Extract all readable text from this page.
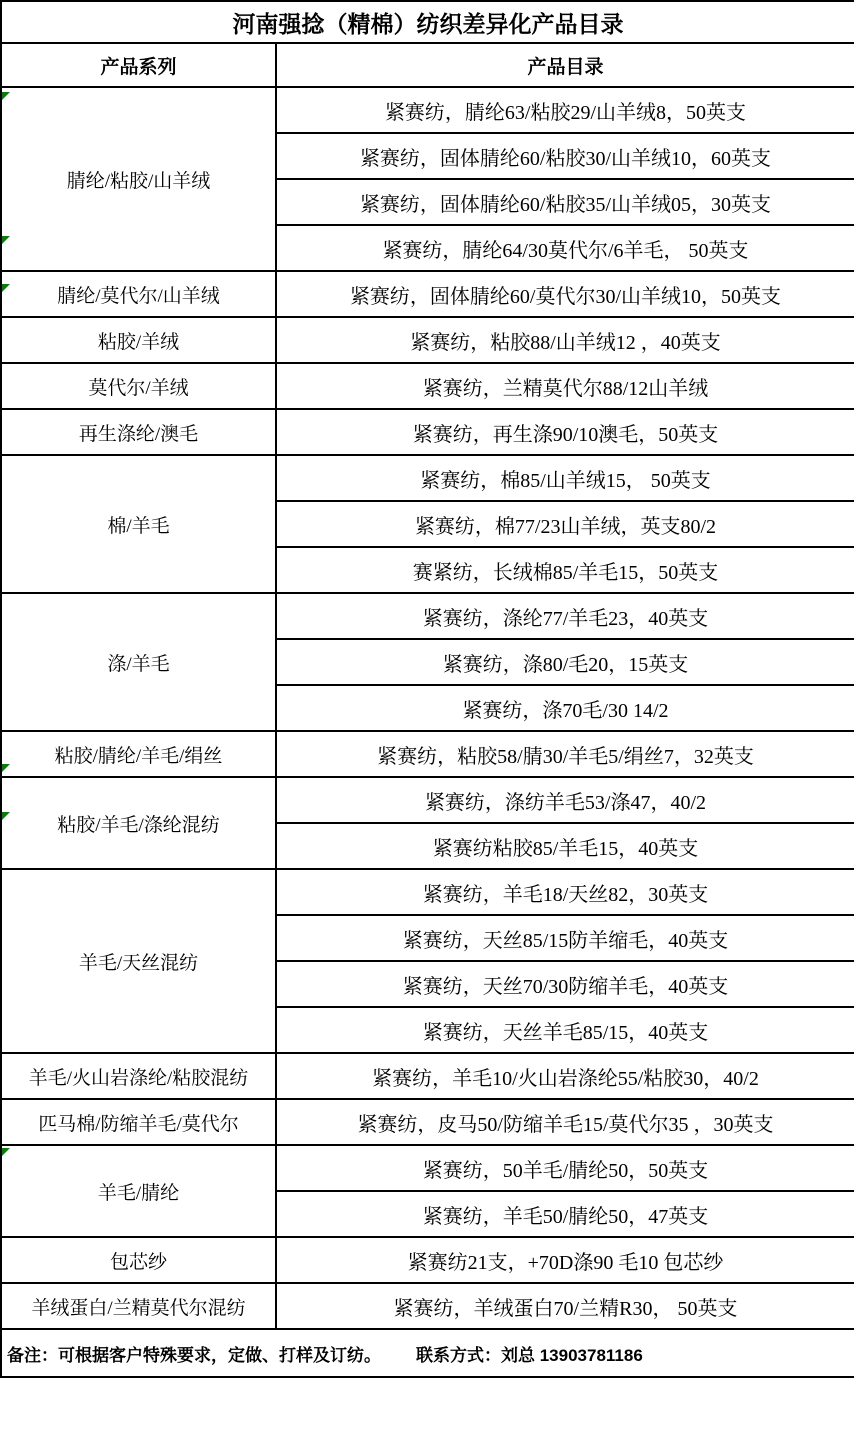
河南强捻（精棉）纺织差异化产品目录	
产品系列	产品目录
腈纶/粘胶/山羊绒	紧赛纺，腈纶63/粘胶29/山羊绒8，50英支
	紧赛纺，固体腈纶60/粘胶30/山羊绒10，60英支
	紧赛纺，固体腈纶60/粘胶35/山羊绒05，30英支
	紧赛纺，腈纶64/30莫代尔/6羊毛， 50英支
腈纶/莫代尔/山羊绒	紧赛纺，固体腈纶60/莫代尔30/山羊绒10，50英支
粘胶/羊绒	紧赛纺，粘胶88/山羊绒12 ，40英支
莫代尔/羊绒	紧赛纺，兰精莫代尔88/12山羊绒
再生涤纶/澳毛	紧赛纺，再生涤90/10澳毛，50英支
棉/羊毛	紧赛纺，棉85/山羊绒15， 50英支
	紧赛纺，棉77/23山羊绒，英支80/2
	赛紧纺，长绒棉85/羊毛15，50英支
涤/羊毛	紧赛纺，涤纶77/羊毛23，40英支
	紧赛纺，涤80/毛20，15英支
	紧赛纺，涤70毛/30 14/2
粘胶/腈纶/羊毛/绢丝	紧赛纺，粘胶58/腈30/羊毛5/绢丝7，32英支
粘胶/羊毛/涤纶混纺	紧赛纺，涤纺羊毛53/涤47，40/2
	紧赛纺粘胶85/羊毛15，40英支
羊毛/天丝混纺	紧赛纺，羊毛18/天丝82，30英支
	紧赛纺，天丝85/15防羊缩毛，40英支
	紧赛纺，天丝70/30防缩羊毛，40英支
	紧赛纺，天丝羊毛85/15，40英支
羊毛/火山岩涤纶/粘胶混纺	紧赛纺，羊毛10/火山岩涤纶55/粘胶30，40/2
匹马棉/防缩羊毛/莫代尔	紧赛纺，皮马50/防缩羊毛15/莫代尔35 ，30英支
羊毛/腈纶	紧赛纺，50羊毛/腈纶50，50英支
	紧赛纺，羊毛50/腈纶50，47英支
包芯纱	紧赛纺21支，+70D涤90 毛10 包芯纱
羊绒蛋白/兰精莫代尔混纺	紧赛纺，羊绒蛋白70/兰精R30， 50英支
备注：可根据客户特殊要求，定做、打样及订纺。 联系方式：刘总 13903781186	
